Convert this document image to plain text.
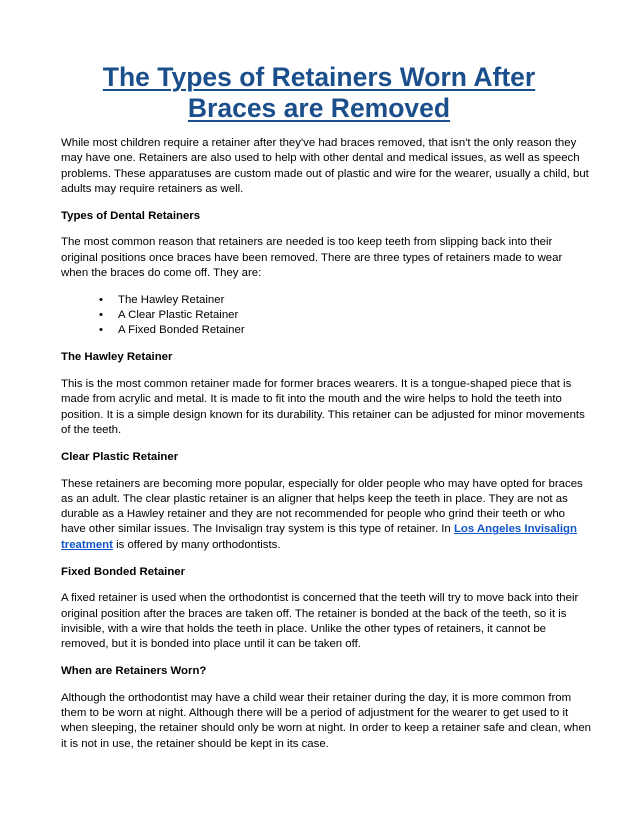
The Types of Retainers Worn After
Braces are Removed

While most children require a retainer after they've had braces removed, that isn't the only reason they may have one. Retainers are also used to help with other dental and medical issues, as well as speech problems. These apparatuses are custom made out of plastic and wire for the wearer, usually a child, but adults may require retainers as well.

Types of Dental Retainers

The most common reason that retainers are needed is too keep teeth from slipping back into their original positions once braces have been removed. There are three types of retainers made to wear when the braces do come off. They are:

• The Hawley Retainer
• A Clear Plastic Retainer
• A Fixed Bonded Retainer
The Hawley Retainer

This is the most common retainer made for former braces wearers. It is a tongue-shaped piece that is made from acrylic and metal. It is made to fit into the mouth and the wire helps to hold the teeth into position. It is a simple design known for its durability. This retainer can be adjusted for minor movements of the teeth.

Clear Plastic Retainer

These retainers are becoming more popular, especially for older people who may have opted for braces as an adult. The clear plastic retainer is an aligner that helps keep the teeth in place. They are not as durable as a Hawley retainer and they are not recommended for people who grind their teeth or who have other similar issues. The Invisalign tray system is this type of retainer. In Los Angeles Invisalign treatment is offered by many orthodontists.

Fixed Bonded Retainer

A fixed retainer is used when the orthodontist is concerned that the teeth will try to move back into their original position after the braces are taken off. The retainer is bonded at the back of the teeth, so it is invisible, with a wire that holds the teeth in place. Unlike the other types of retainers, it cannot be removed, but it is bonded into place until it can be taken off.

When are Retainers Worn?

Although the orthodontist may have a child wear their retainer during the day, it is more common from them to be worn at night. Although there will be a period of adjustment for the wearer to get used to it when sleeping, the retainer should only be worn at night. In order to keep a retainer safe and clean, when it is not in use, the retainer should be kept in its case.
